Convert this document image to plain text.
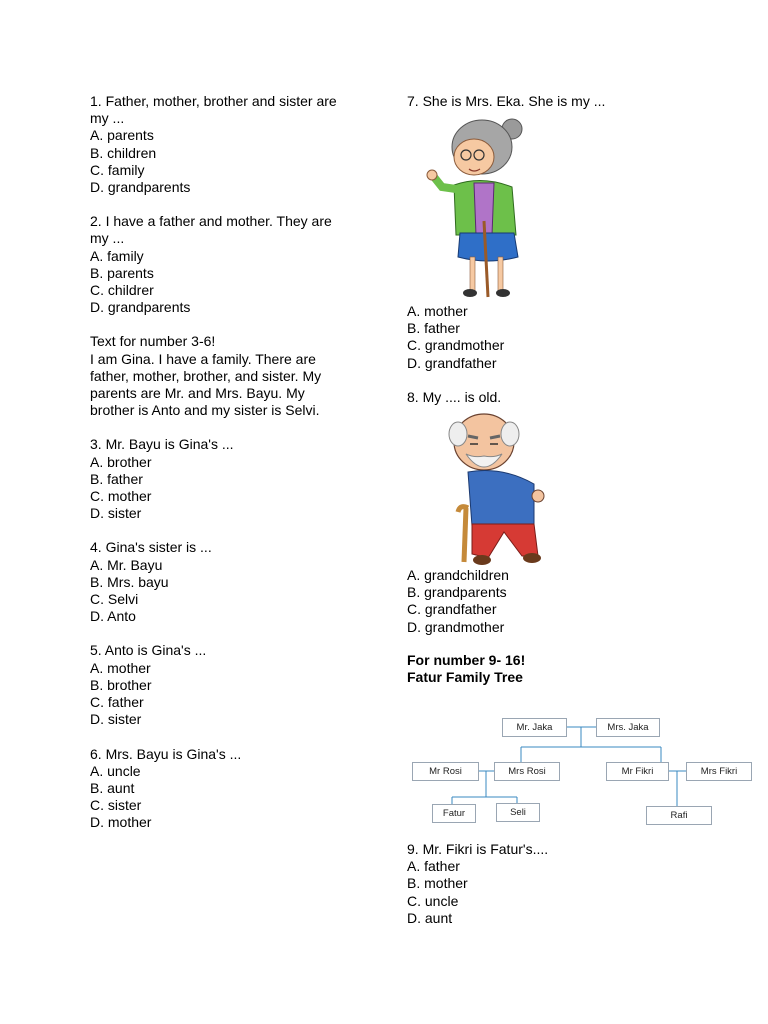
1. Father, mother, brother and sister are
my ...
A. parents
B. children
C. family
D. grandparents
2. I have a father and mother. They are
my ...
A. family
B. parents
C. childrer
D. grandparents
Text for number 3-6!
I am Gina. I have a family. There are
father, mother, brother, and sister. My
parents are Mr. and Mrs. Bayu. My
brother is Anto and my sister is Selvi.
3. Mr. Bayu is Gina's ...
A. brother
B. father
C. mother
D. sister
4. Gina's sister is ...
A. Mr. Bayu
B. Mrs. bayu
C. Selvi
D. Anto
5. Anto is Gina's ...
A. mother
B. brother
C. father
D. sister
6. Mrs. Bayu is Gina's ...
A. uncle
B. aunt
C. sister
D. mother
7. She is Mrs. Eka. She is my ...
A. mother
B. father
C. grandmother
D. grandfather
8. My .... is old.
A. grandchildren
B. grandparents
C. grandfather
D. grandmother
For number 9- 16!
Fatur Family Tree
9. Mr. Fikri is Fatur's....
A. father
B. mother
C. uncle
D. aunt
Mr. Jaka	Mrs. Jaka
Mr Rosi	Mrs Rosi	Mr Fikri	Mrs Fikri
Fatur	Seli	Rafi
